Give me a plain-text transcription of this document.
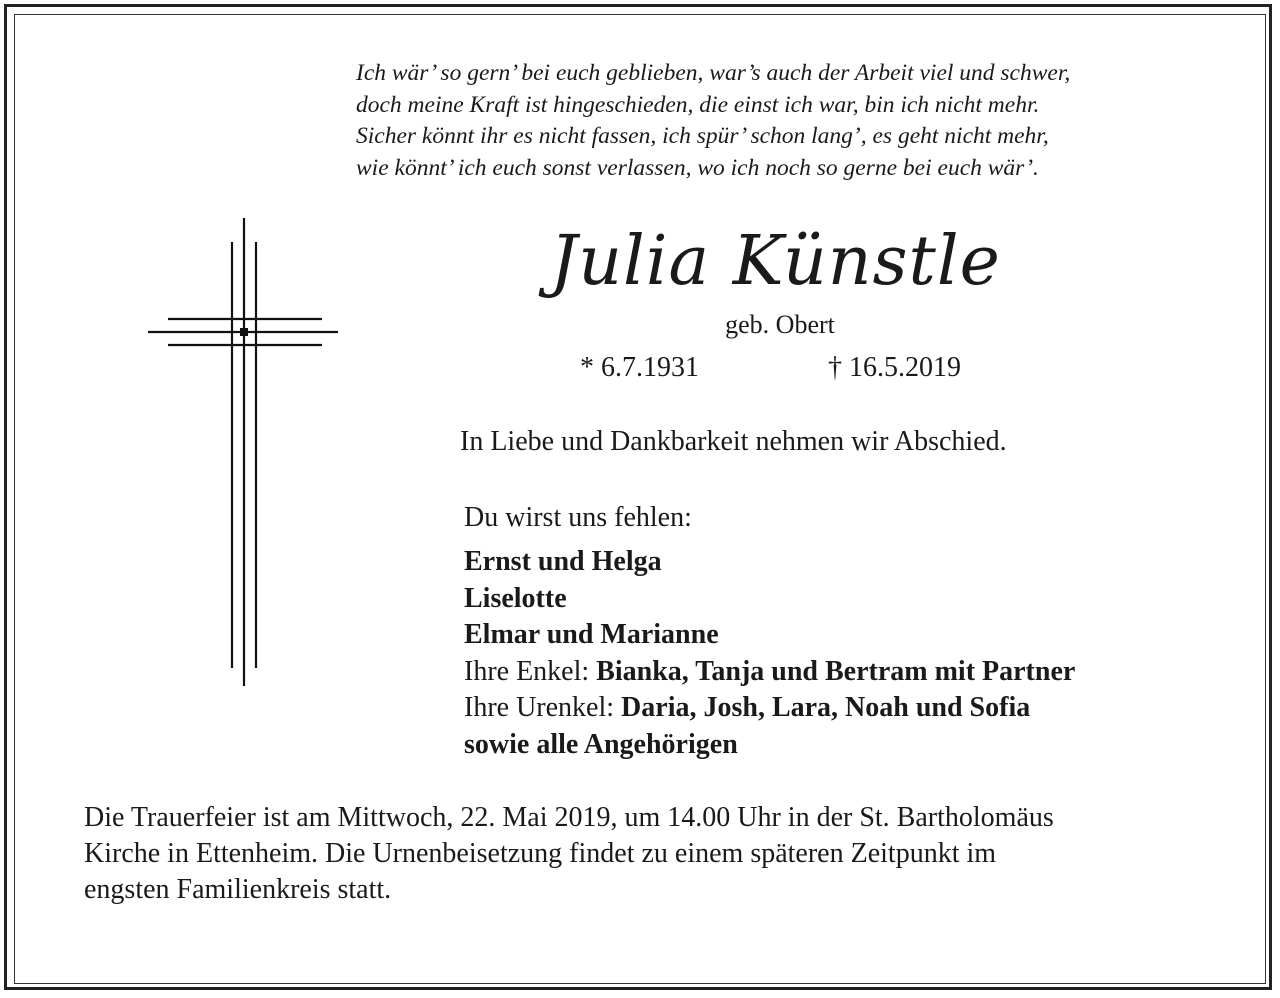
Ich wär’ so gern’ bei euch geblieben, war’s auch der Arbeit viel und schwer,
doch meine Kraft ist hingeschieden, die einst ich war, bin ich nicht mehr.
Sicher könnt ihr es nicht fassen, ich spür’ schon lang’, es geht nicht mehr,
wie könnt’ ich euch sonst verlassen, wo ich noch so gerne bei euch wär’.
Julia Künstle
geb. Obert
* 6.7.1931	† 16.5.2019
In Liebe und Dankbarkeit nehmen wir Abschied.
Du wirst uns fehlen:
Ernst und Helga
Liselotte
Elmar und Marianne
Ihre Enkel: Bianka, Tanja und Bertram mit Partner
Ihre Urenkel: Daria, Josh, Lara, Noah und Sofia
sowie alle Angehörigen
Die Trauerfeier ist am Mittwoch, 22. Mai 2019, um 14.00 Uhr in der St. Bartholomäus
Kirche in Ettenheim. Die Urnenbeisetzung findet zu einem späteren Zeitpunkt im
engsten Familienkreis statt.
